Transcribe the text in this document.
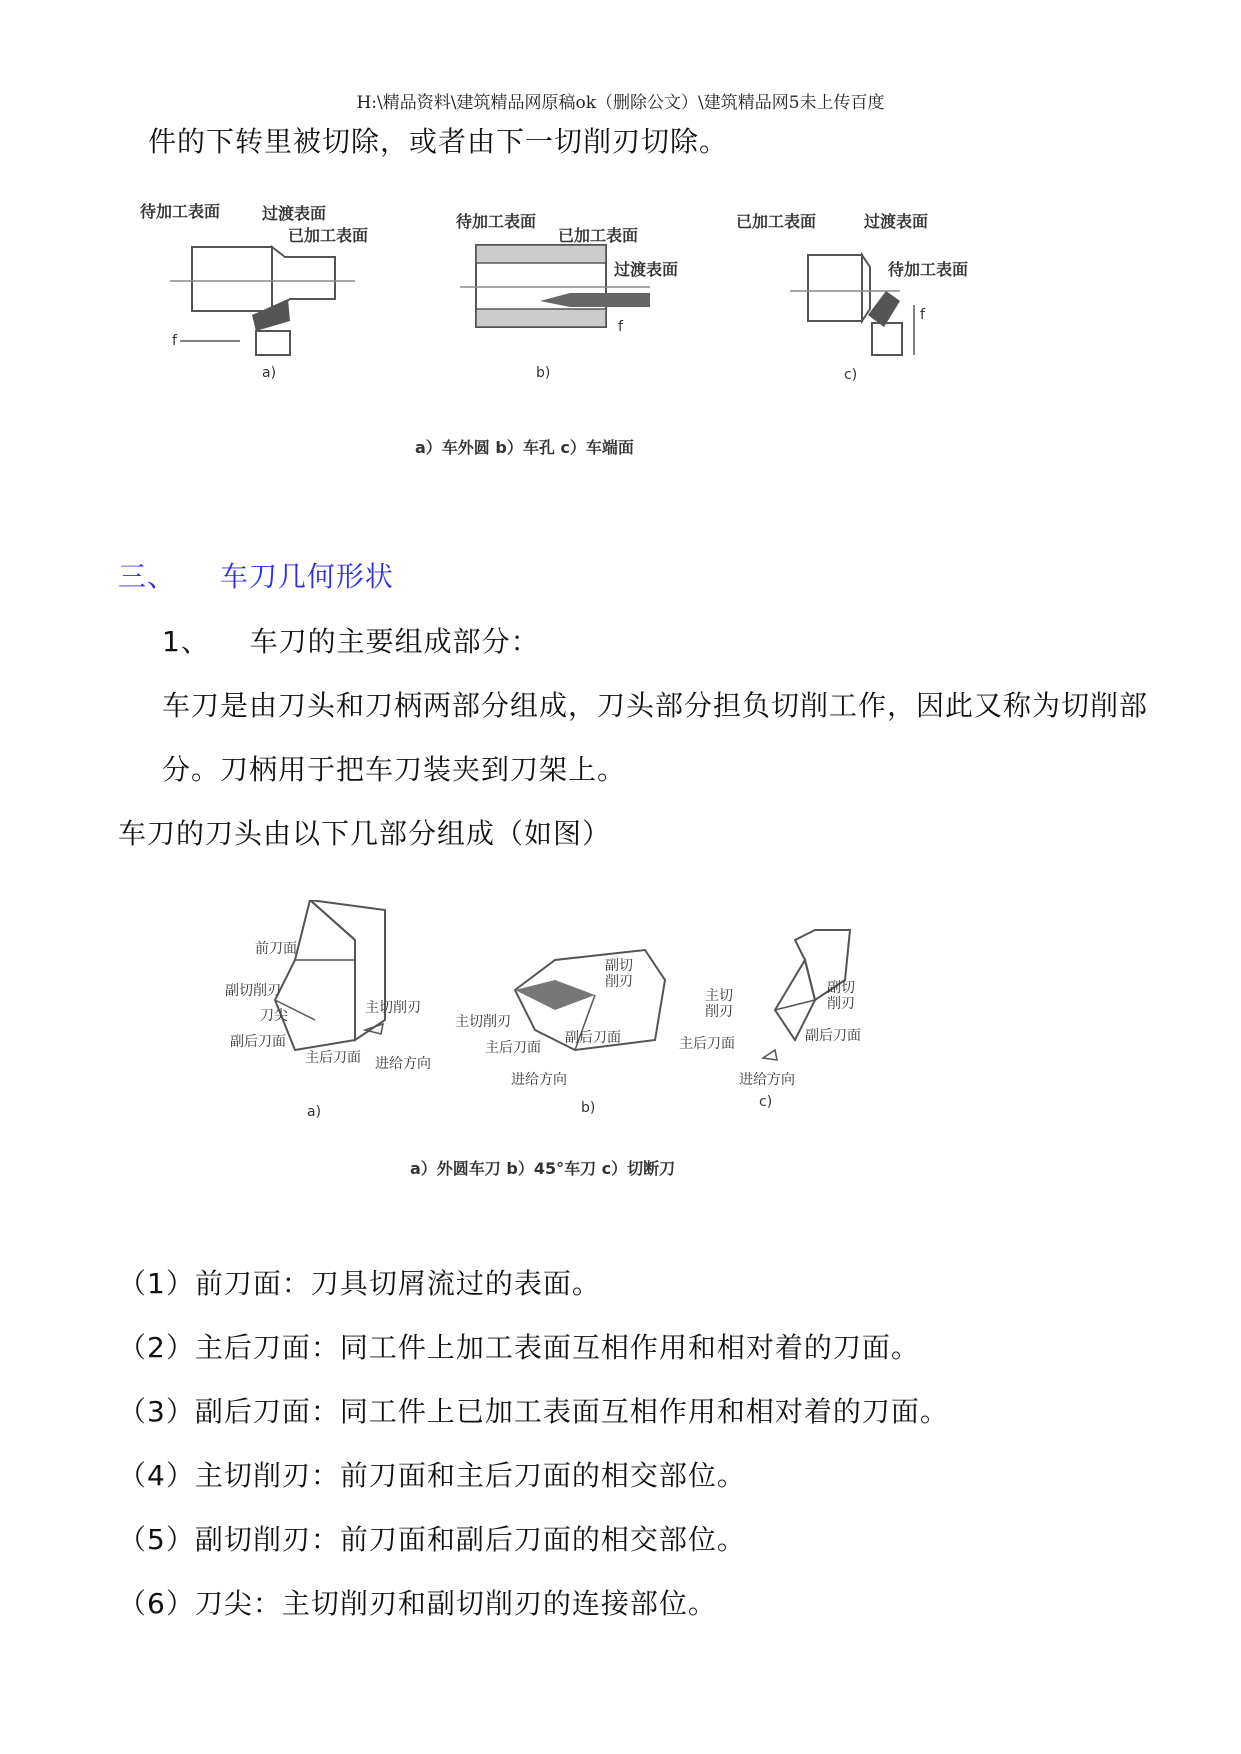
H:\精品资料\建筑精品网原稿ok（删除公文）\建筑精品网5未上传百度
件的下转里被切除，或者由下一切削刃切除。
待加工表面	过渡表面
已加工表面
f
a)
待加工表面
已加工表面
过渡表面
f
b)
已加工表面	过渡表面
待加工表面
f
c)
a）车外圆 b）车孔 c）车端面
三、 车刀几何形状
1、 车刀的主要组成部分：
车刀是由刀头和刀柄两部分组成，刀头部分担负切削工作，因此又称为切削部
分。刀柄用于把车刀装夹到刀架上。
车刀的刀头由以下几部分组成（如图）
前刀面
副切削刃
刀尖	主切削刃
副后刀面
主后刀面 进给方向
a)
副切
削刃
主切削刃
主后刀面
副后刀面
进给方向
b)
主切
削刃
副切
削刃
主后刀面	副后刀面
进给方向
c)
a）外圆车刀 b）45°车刀 c）切断刀
（1）前刀面：刀具切屑流过的表面。
（2）主后刀面：同工件上加工表面互相作用和相对着的刀面。
（3）副后刀面：同工件上已加工表面互相作用和相对着的刀面。
（4）主切削刃：前刀面和主后刀面的相交部位。
（5）副切削刃：前刀面和副后刀面的相交部位。
（6）刀尖：主切削刃和副切削刃的连接部位。
